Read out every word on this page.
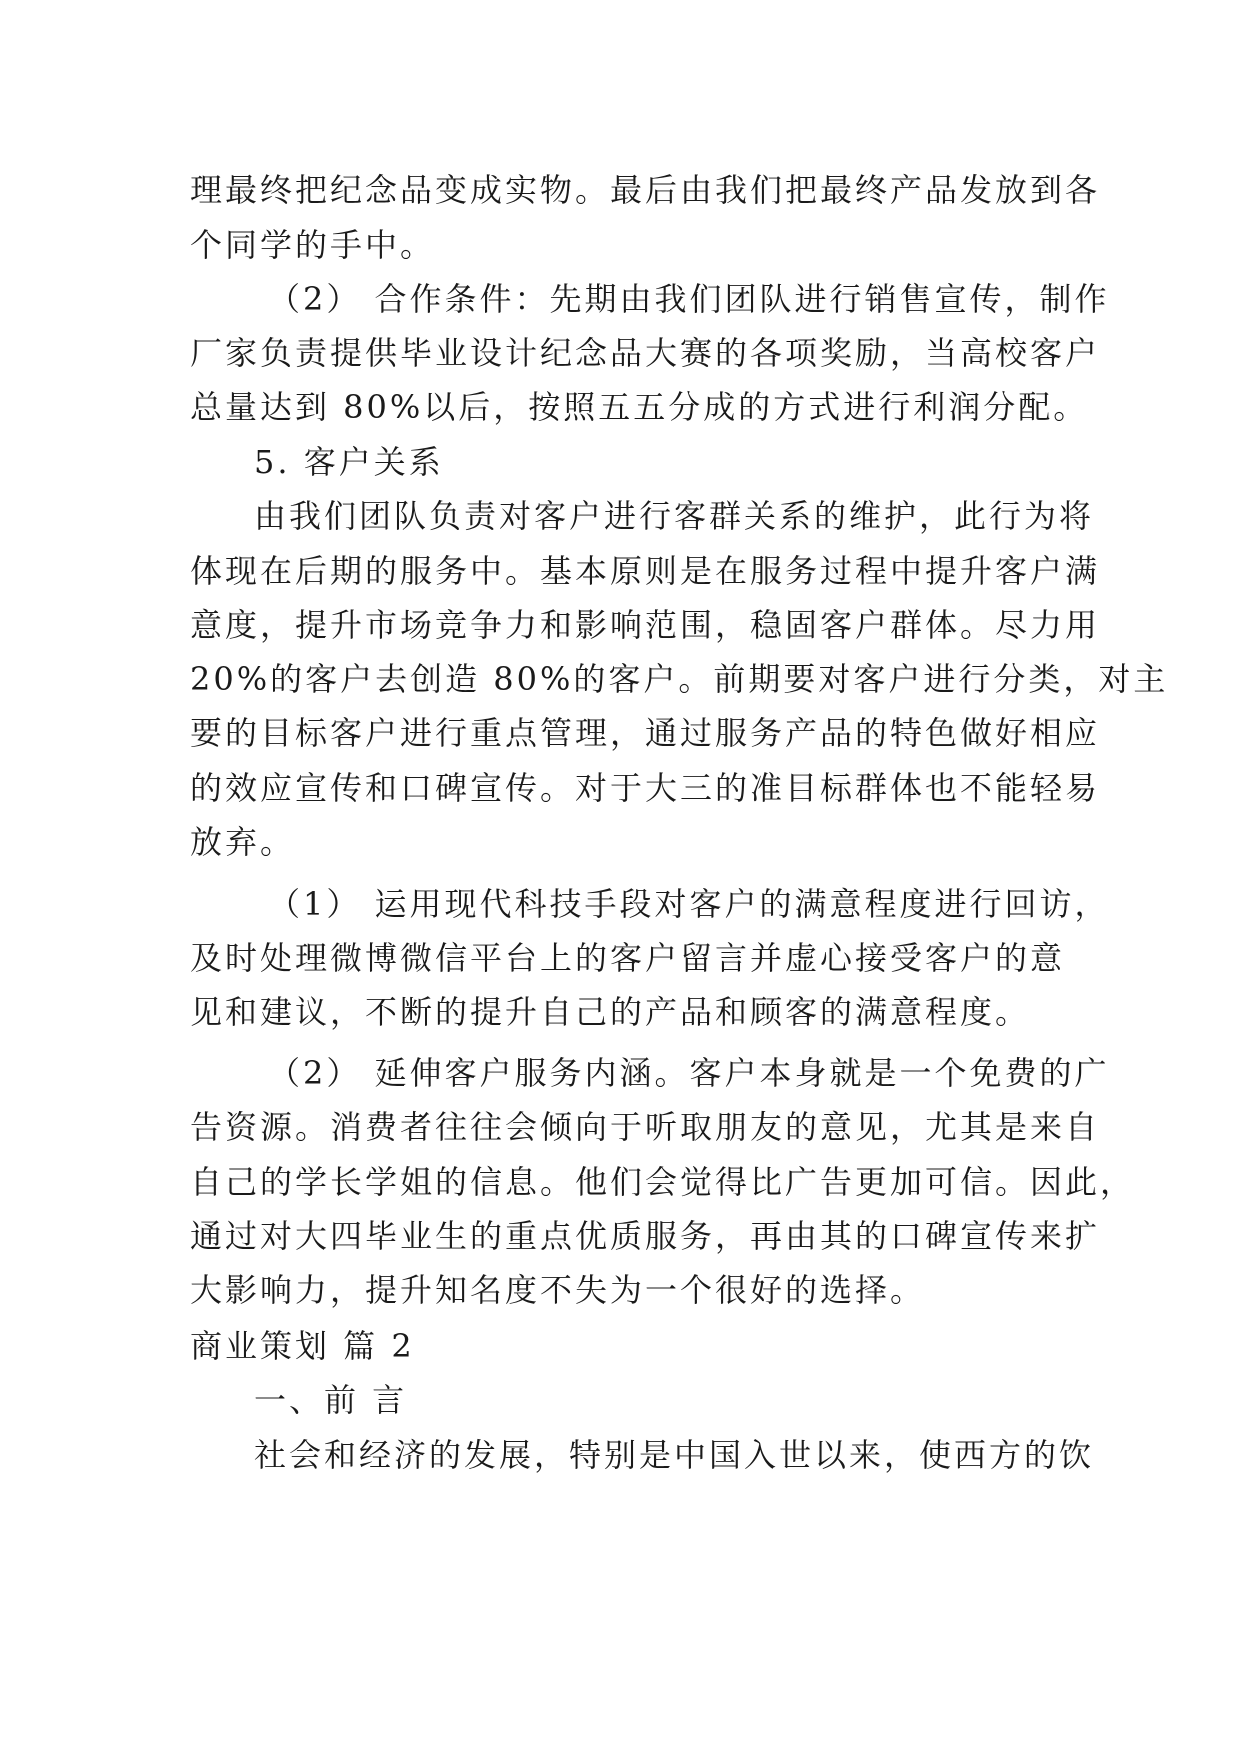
理最终把纪念品变成实物。最后由我们把最终产品发放到各
个同学的手中。
（2） 合作条件：先期由我们团队进行销售宣传，制作
厂家负责提供毕业设计纪念品大赛的各项奖励，当高校客户
总量达到 80%以后，按照五五分成的方式进行利润分配。
5. 客户关系
由我们团队负责对客户进行客群关系的维护，此行为将
体现在后期的服务中。基本原则是在服务过程中提升客户满
意度，提升市场竞争力和影响范围，稳固客户群体。尽力用
20%的客户去创造 80%的客户。前期要对客户进行分类，对主
要的目标客户进行重点管理，通过服务产品的特色做好相应
的效应宣传和口碑宣传。对于大三的准目标群体也不能轻易
放弃。
（1） 运用现代科技手段对客户的满意程度进行回访，
及时处理微博微信平台上的客户留言并虚心接受客户的意
见和建议，不断的提升自己的产品和顾客的满意程度。
（2） 延伸客户服务内涵。客户本身就是一个免费的广
告资源。消费者往往会倾向于听取朋友的意见，尤其是来自
自己的学长学姐的信息。他们会觉得比广告更加可信。因此，
通过对大四毕业生的重点优质服务，再由其的口碑宣传来扩
大影响力，提升知名度不失为一个很好的选择。
商业策划 篇 2
一、前 言
社会和经济的发展，特别是中国入世以来，使西方的饮
